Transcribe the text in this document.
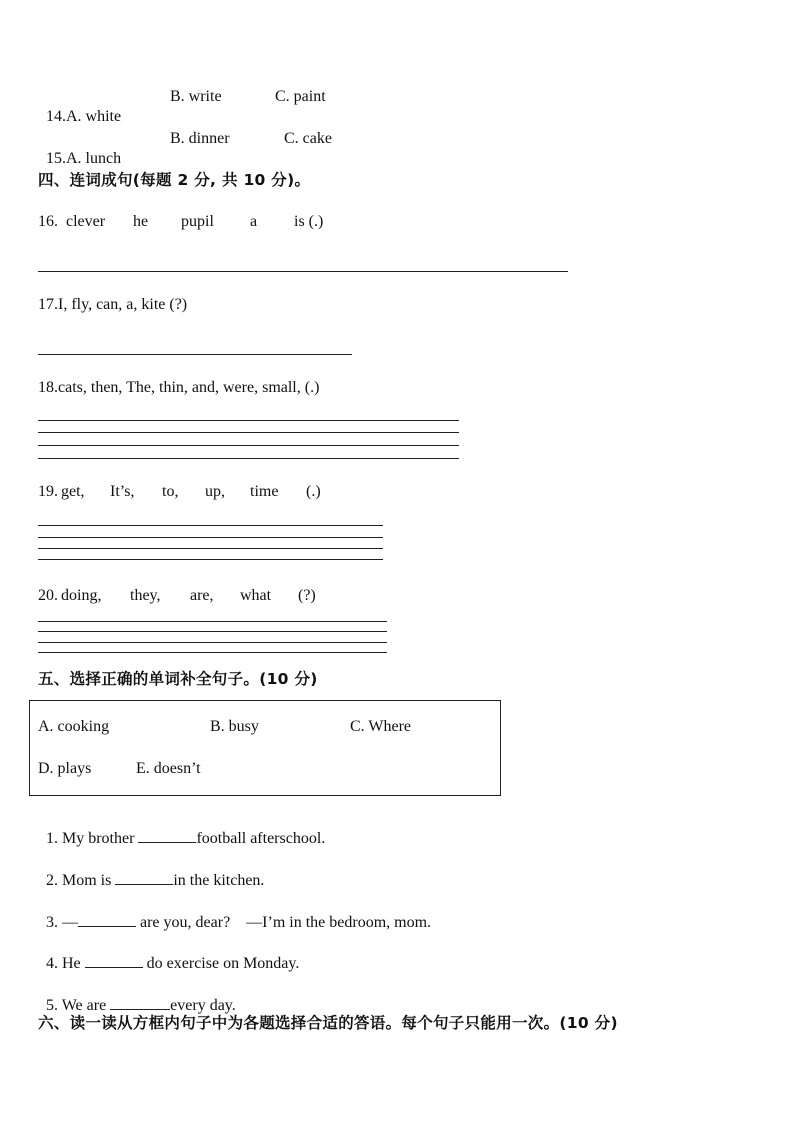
14.A. white

B. write	C. paint

15.A. lunch

B. dinner	C. cake
四、连词成句(每题 2 分, 共 10 分)。
16. clever he pupil a is (.)
17.I, fly, can, a, kite (?)
18.cats, then, The, thin, and, were, small, (.)
19. get, It’s, to, up, time (.)
20. doing, they, are, what (?)
五、选择正确的单词补全句子。(10 分)
A. cooking	B. busy	C. Where
D. plays	E. doesn’t

1. My brother	football afterschool.

2. Mom is	in the kitchen.

3. —	are you, dear?    —I’m in the bedroom, mom.

4. He	do exercise on Monday.

5. We are	every day.

六、读一读从方框内句子中为各题选择合适的答语。每个句子只能用一次。(10 分)
